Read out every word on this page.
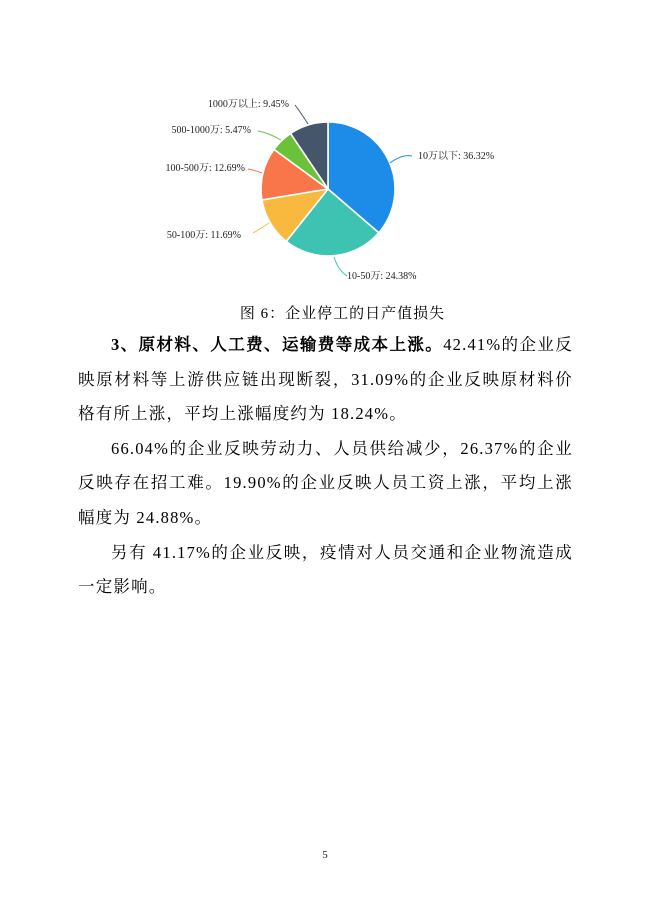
10万以下: 36.32%
10-50万: 24.38%
50-100万: 11.69%
100-500万: 12.69%
500-1000万: 5.47%
1000万以上: 9.45%
图 6：企业停工的日产值损失

3、原材料、人工费、运输费等成本上涨。42.41%的企业反映原材料等上游供应链出现断裂，31.09%的企业反映原材料价格有所上涨，平均上涨幅度约为 18.24%。

66.04%的企业反映劳动力、人员供给减少，26.37%的企业反映存在招工难。19.90%的企业反映人员工资上涨，平均上涨幅度为 24.88%。

另有 41.17%的企业反映，疫情对人员交通和企业物流造成一定影响。

5
